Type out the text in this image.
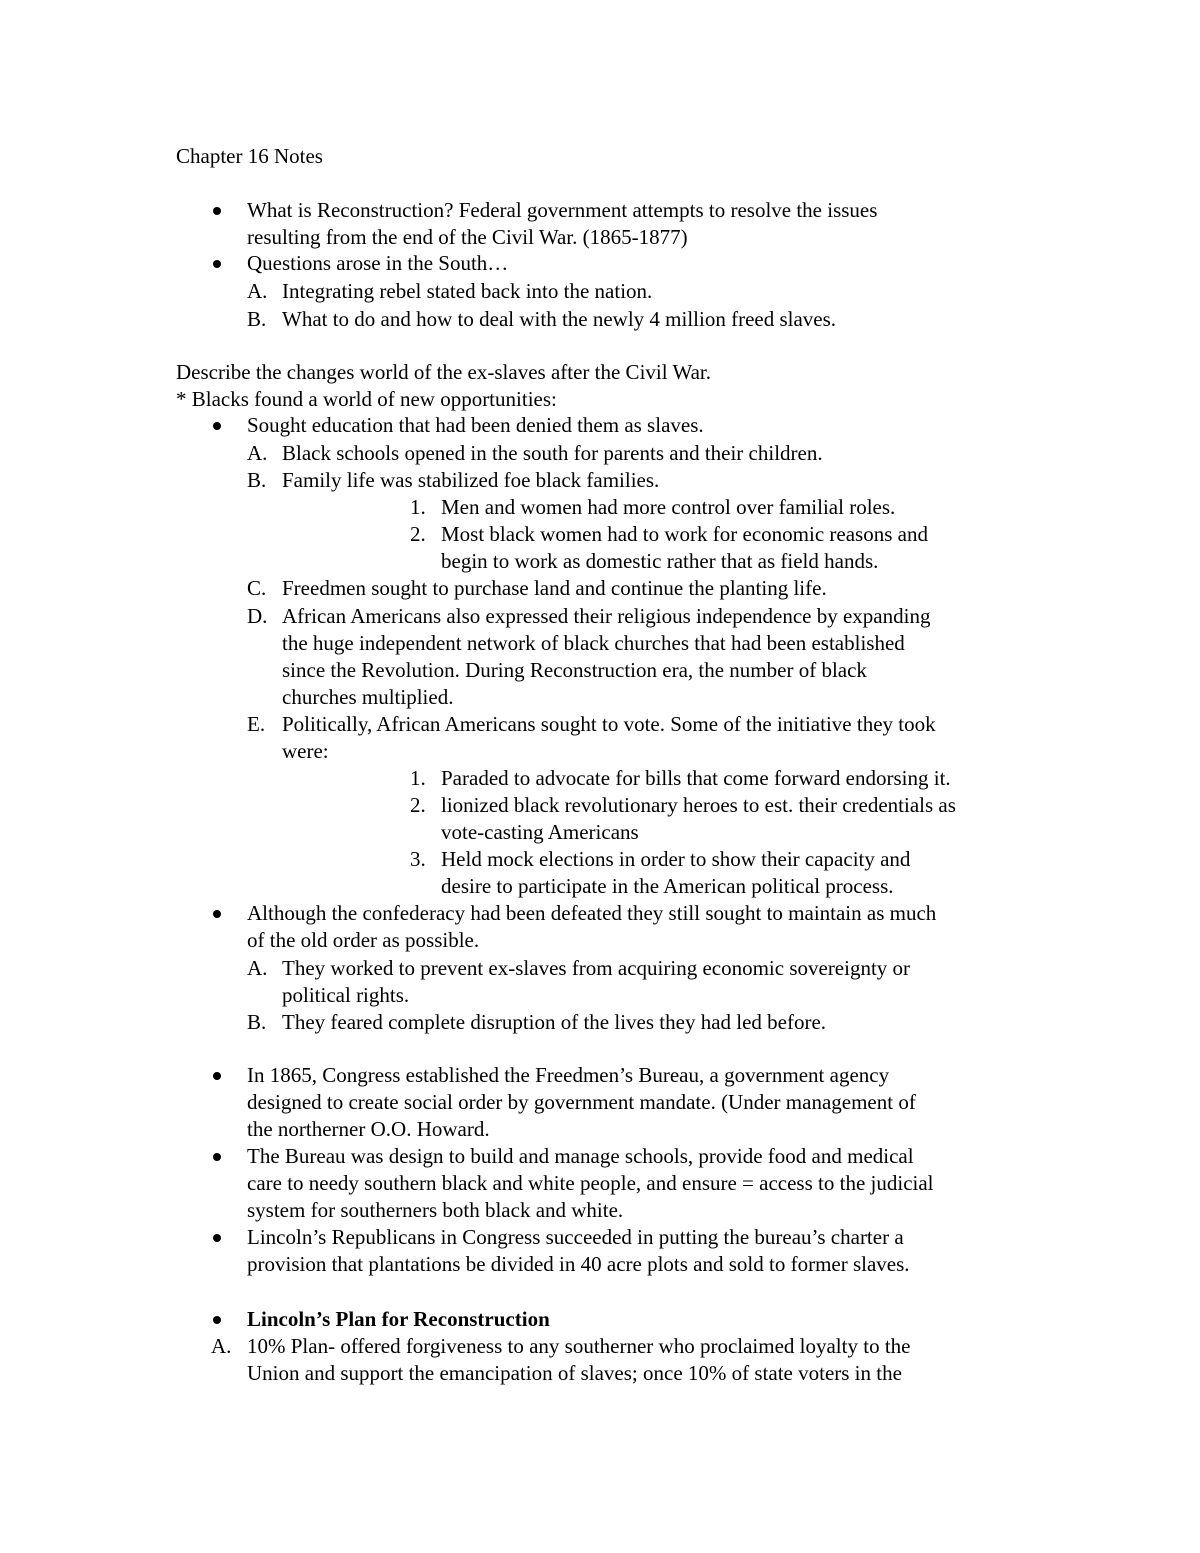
Chapter 16 Notes
What is Reconstruction? Federal government attempts to resolve the issues
resulting from the end of the Civil War. (1865-1877)
Questions arose in the South…
A. Integrating rebel stated back into the nation.
B. What to do and how to deal with the newly 4 million freed slaves.
Describe the changes world of the ex-slaves after the Civil War.
* Blacks found a world of new opportunities:
Sought education that had been denied them as slaves.
A. Black schools opened in the south for parents and their children.
B. Family life was stabilized foe black families.
1. Men and women had more control over familial roles.
2. Most black women had to work for economic reasons and
begin to work as domestic rather that as field hands.
C. Freedmen sought to purchase land and continue the planting life.
D. African Americans also expressed their religious independence by expanding
the huge independent network of black churches that had been established
since the Revolution. During Reconstruction era, the number of black
churches multiplied.
E. Politically, African Americans sought to vote. Some of the initiative they took
were:
1. Paraded to advocate for bills that come forward endorsing it.
2. lionized black revolutionary heroes to est. their credentials as
vote-casting Americans
3. Held mock elections in order to show their capacity and
desire to participate in the American political process.
Although the confederacy had been defeated they still sought to maintain as much
of the old order as possible.
A. They worked to prevent ex-slaves from acquiring economic sovereignty or
political rights.
B. They feared complete disruption of the lives they had led before.
In 1865, Congress established the Freedmen’s Bureau, a government agency
designed to create social order by government mandate. (Under management of
the northerner O.O. Howard.
The Bureau was design to build and manage schools, provide food and medical
care to needy southern black and white people, and ensure = access to the judicial
system for southerners both black and white.
Lincoln’s Republicans in Congress succeeded in putting the bureau’s charter a
provision that plantations be divided in 40 acre plots and sold to former slaves.
Lincoln’s Plan for Reconstruction
A. 10% Plan- offered forgiveness to any southerner who proclaimed loyalty to the
Union and support the emancipation of slaves; once 10% of state voters in the
